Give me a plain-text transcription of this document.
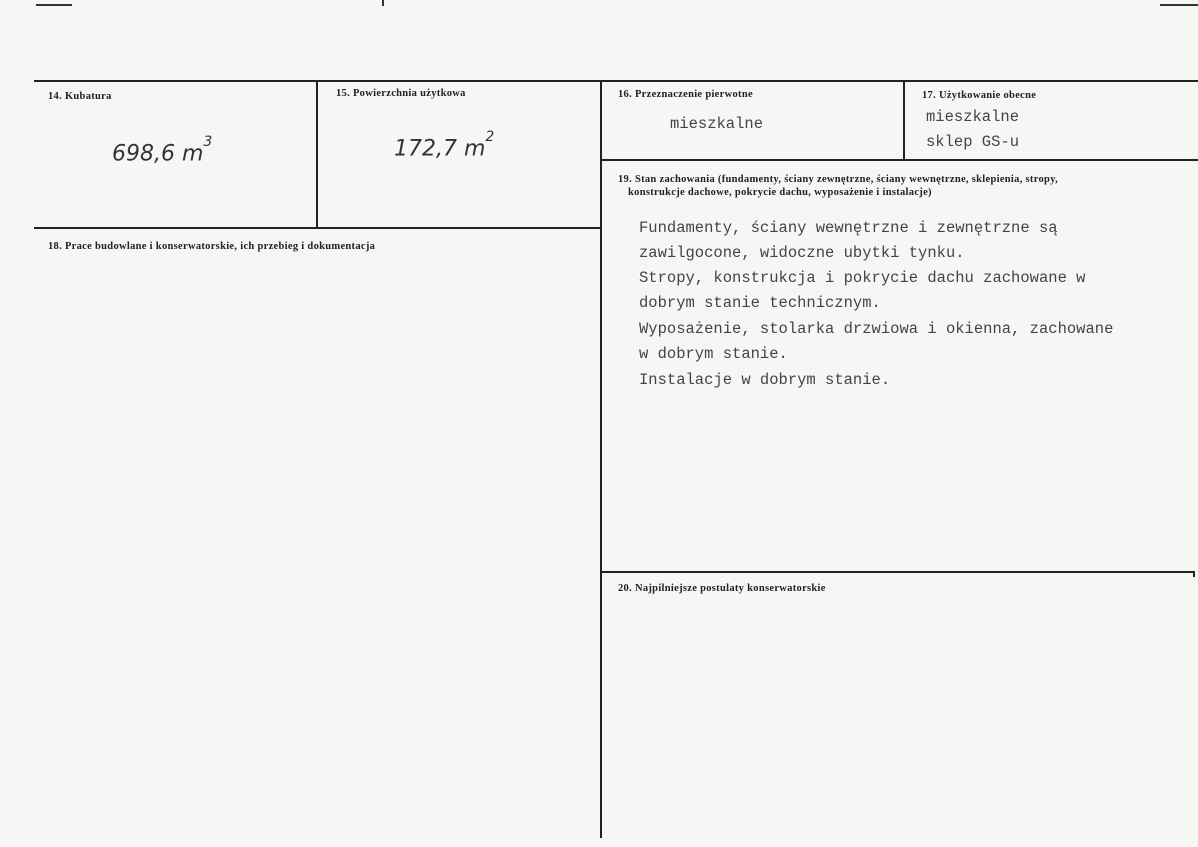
14. Kubatura
698,6 $m^3$
15. Powierzchnia użytkowa
172,7 $m^2$
16. Przeznaczenie pierwotne
mieszkalne
17. Użytkowanie obecne
mieszkalne
sklep GS-u
18. Prace budowlane i konserwatorskie, ich przebieg i dokumentacja
19. Stan zachowania (fundamenty, ściany zewnętrzne, ściany wewnętrzne, sklepienia, stropy,
konstrukcje dachowe, pokrycie dachu, wyposażenie i instalacje)
Fundamenty, ściany wewnętrzne i zewnętrzne są
zawilgocone, widoczne ubytki tynku.
Stropy, konstrukcja i pokrycie dachu zachowane w
dobrym stanie technicznym.
Wyposażenie, stolarka drzwiowa i okienna, zachowane
w dobrym stanie.
Instalacje w dobrym stanie.
20. Najpilniejsze postulaty konserwatorskie
